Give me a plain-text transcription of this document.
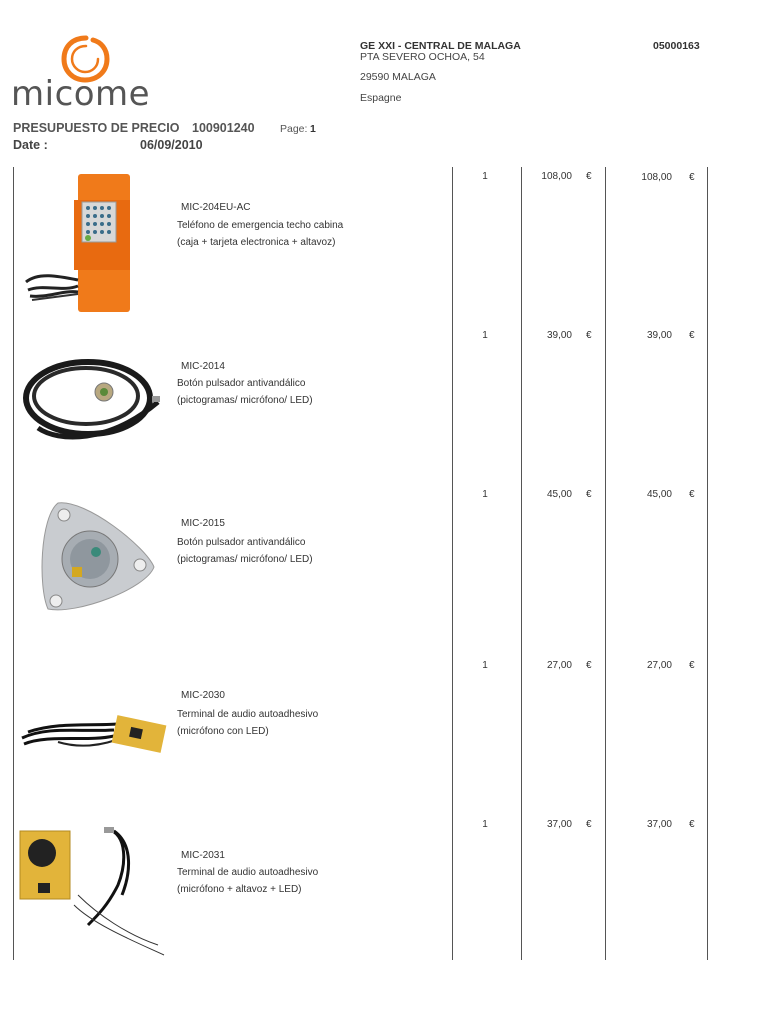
micome
GE XXI - CENTRAL DE MALAGA
PTA SEVERO OCHOA, 54
29590 MALAGA
Espagne
05000163
PRESUPUESTO DE PRECIO 100901240 Page: 1
Date :	06/09/2010
MIC-204EU-AC
Teléfono de emergencia techo cabina
(caja + tarjeta electronica + altavoz)
1	108,00 €	108,00 €
MIC-2014
Botón pulsador antivandálico
(pictogramas/ micrófono/ LED)
1	39,00 €	39,00 €
MIC-2015
Botón pulsador antivandálico
(pictogramas/ micrófono/ LED)
1	45,00 €	45,00 €
MIC-2030
Terminal de audio autoadhesivo
(micrófono con LED)
1	27,00 €	27,00 €
MIC-2031
Terminal de audio autoadhesivo
(micrófono + altavoz + LED)
1	37,00 €	37,00 €
